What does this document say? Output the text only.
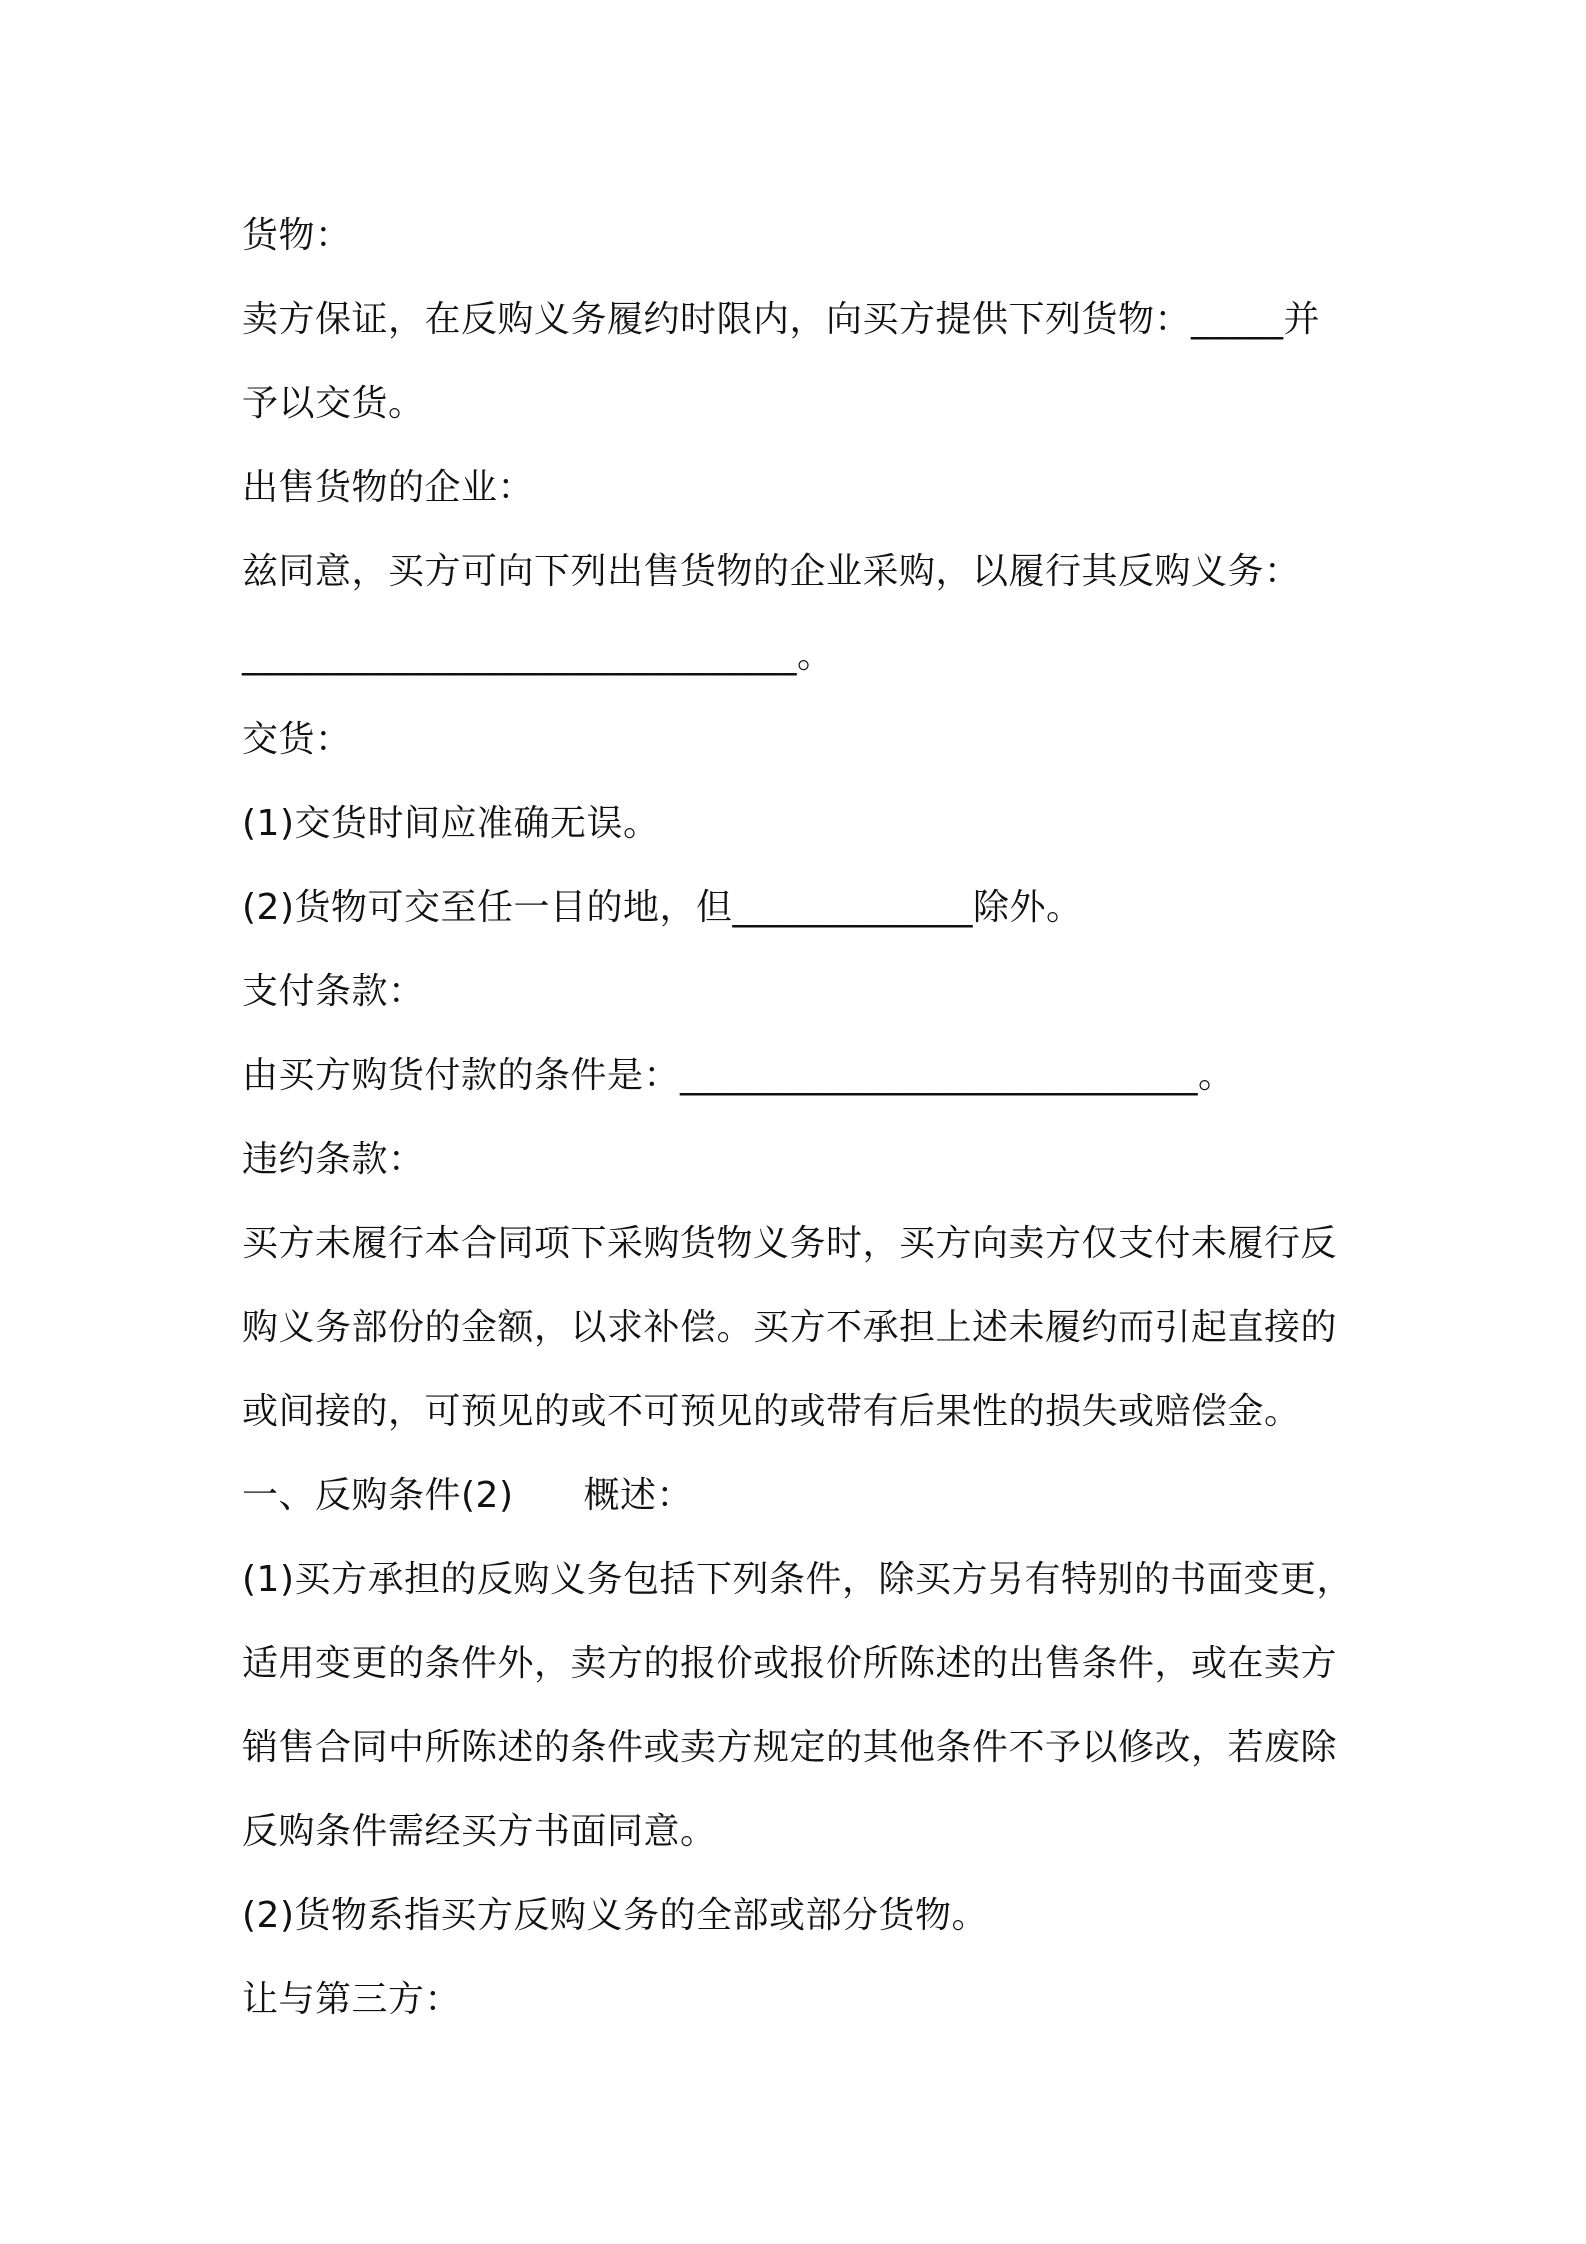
货物：
卖方保证，在反购义务履约时限内，向买方提供下列货物：_____并
予以交货。
出售货物的企业：
兹同意，买方可向下列出售货物的企业采购，以履行其反购义务：
______________________________。
交货：
(1)交货时间应准确无误。
(2)货物可交至任一目的地，但_____________除外。
支付条款：
由买方购货付款的条件是：____________________________。
违约条款：
买方未履行本合同项下采购货物义务时，买方向卖方仅支付未履行反
购义务部份的金额，以求补偿。买方不承担上述未履约而引起直接的
或间接的，可预见的或不可预见的或带有后果性的损失或赔偿金。
一、反购条件(2) 概述：
(1)买方承担的反购义务包括下列条件，除买方另有特别的书面变更，
适用变更的条件外，卖方的报价或报价所陈述的出售条件，或在卖方
销售合同中所陈述的条件或卖方规定的其他条件不予以修改，若废除
反购条件需经买方书面同意。
(2)货物系指买方反购义务的全部或部分货物。
让与第三方：
